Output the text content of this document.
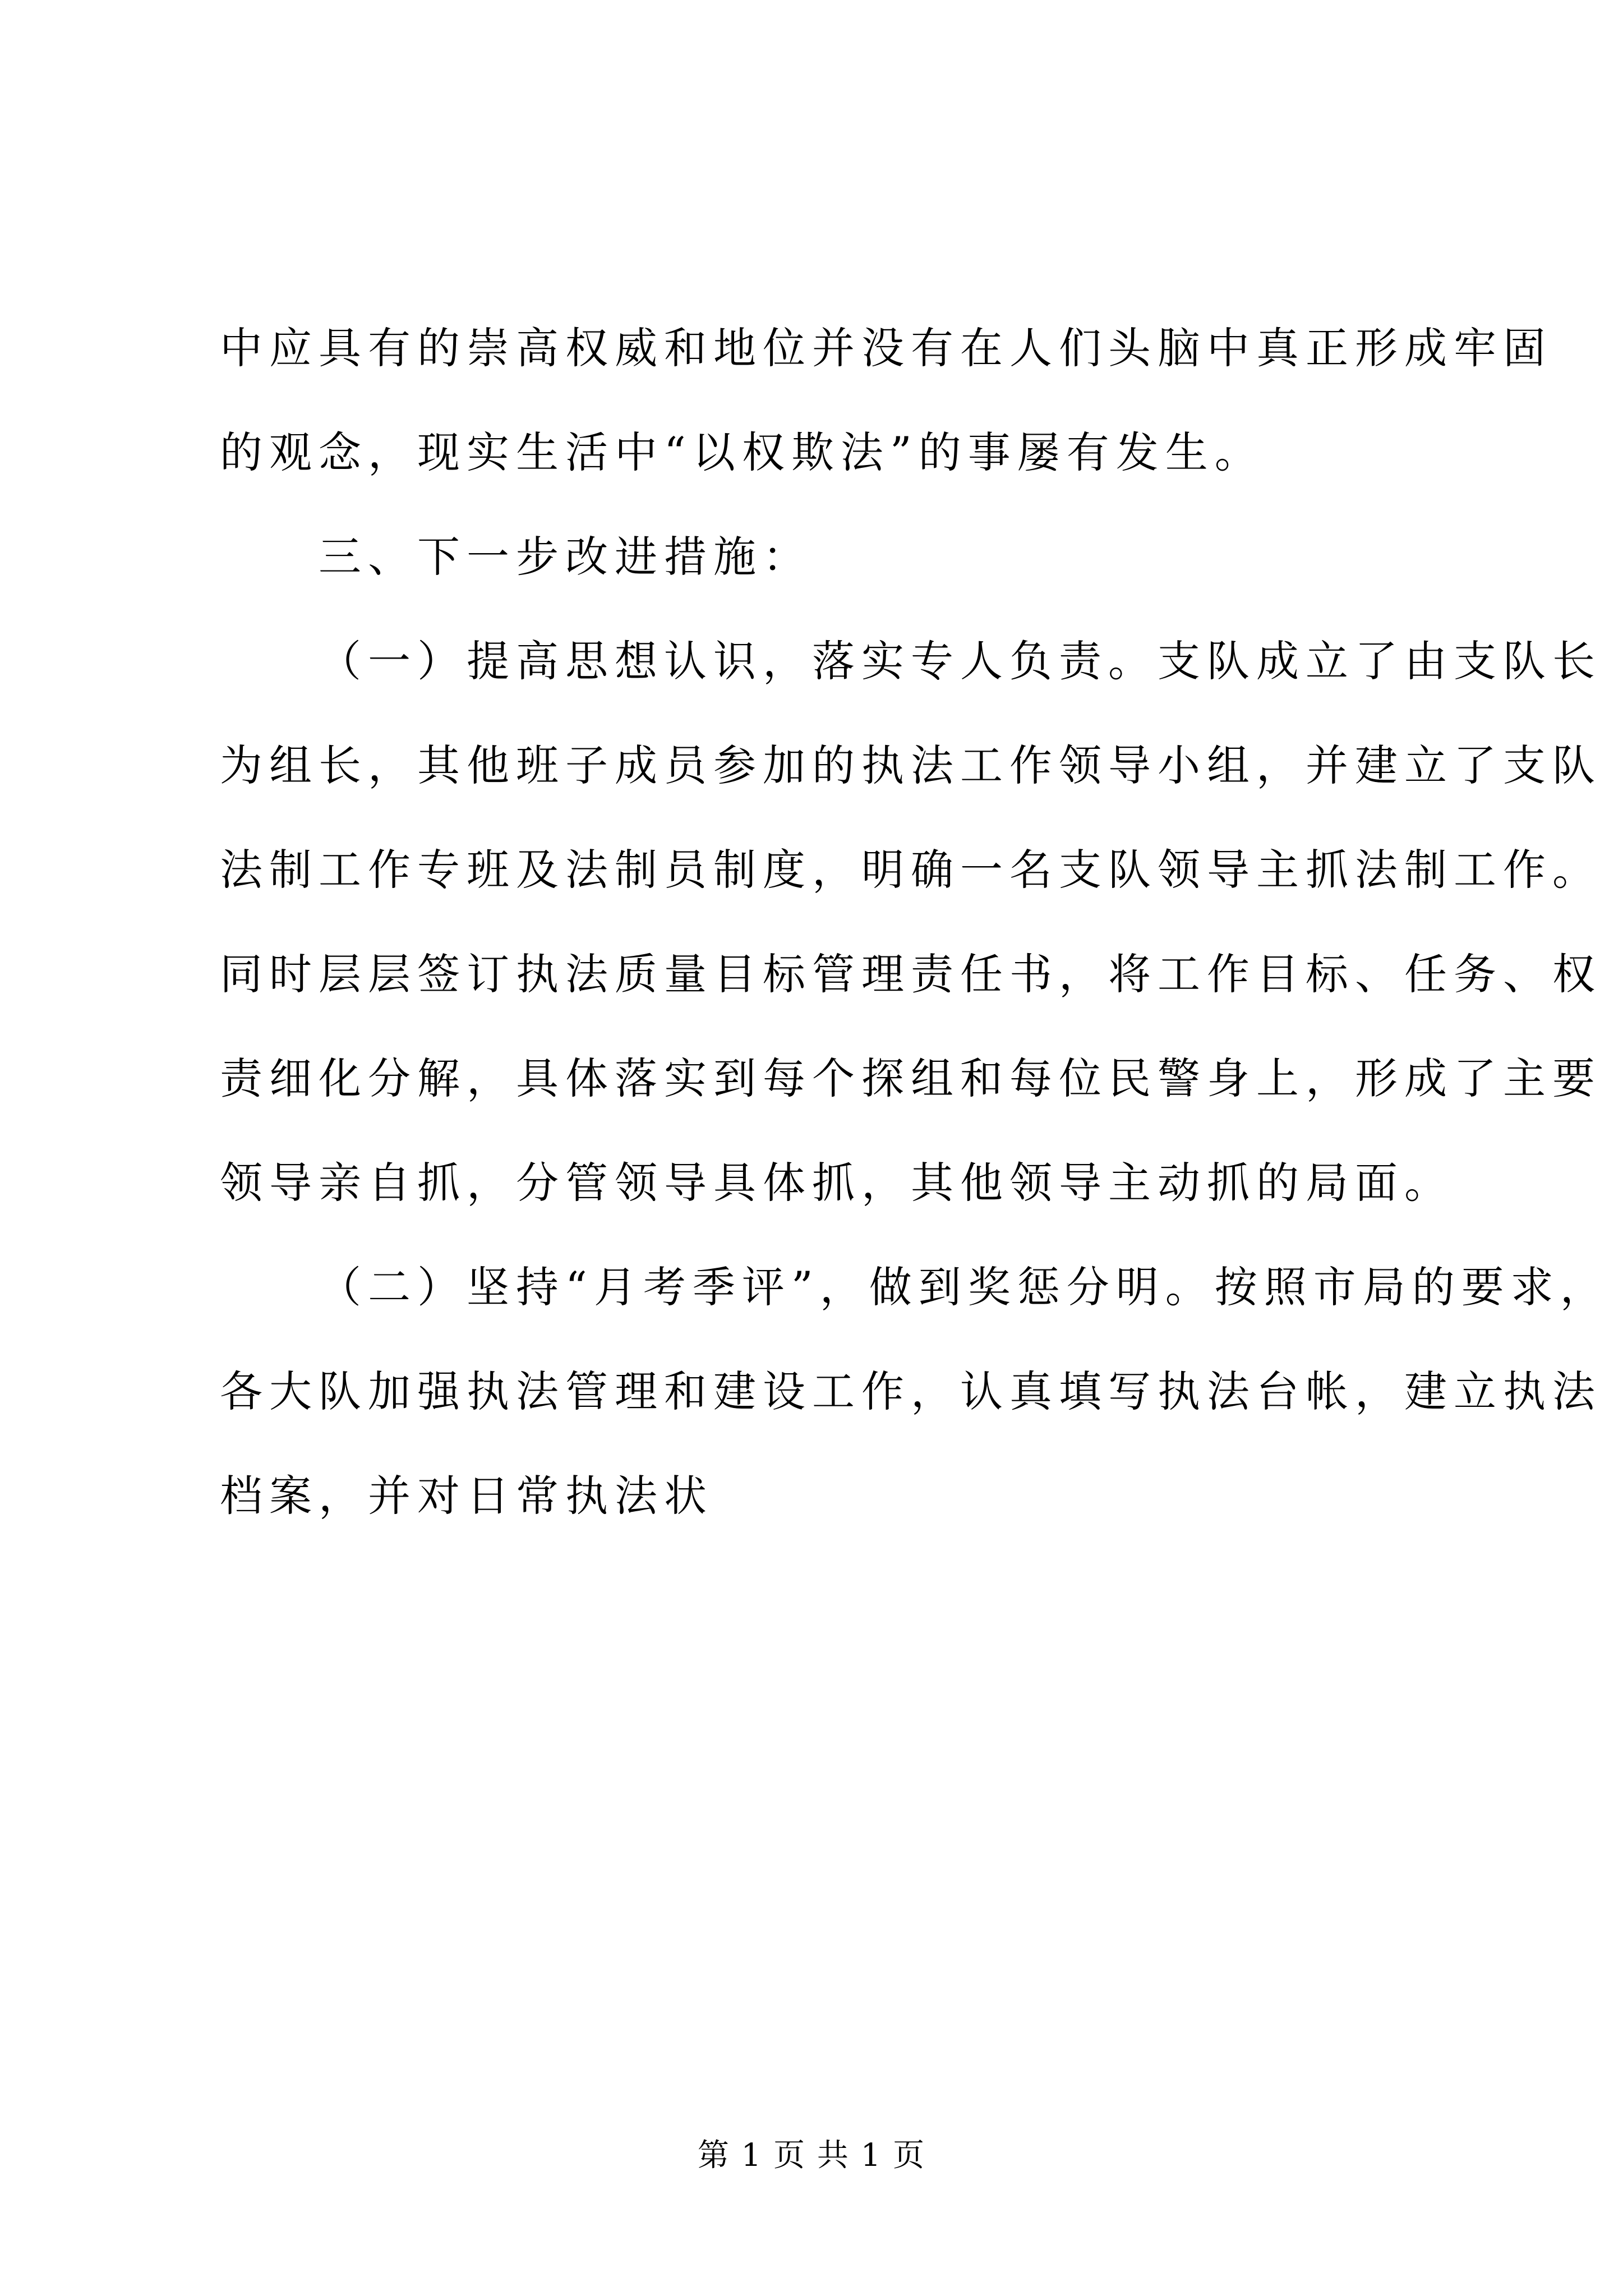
中应具有的崇高权威和地位并没有在人们头脑中真正形成牢固
的观念，现实生活中“以权欺法”的事屡有发生。
三、下一步改进措施：
（一）提高思想认识，落实专人负责。支队成立了由支队长
为组长，其他班子成员参加的执法工作领导小组，并建立了支队
法制工作专班及法制员制度，明确一名支队领导主抓法制工作。
同时层层签订执法质量目标管理责任书，将工作目标、任务、权
责细化分解，具体落实到每个探组和每位民警身上，形成了主要
领导亲自抓，分管领导具体抓，其他领导主动抓的局面。
（二）坚持“月考季评”，做到奖惩分明。按照市局的要求，
各大队加强执法管理和建设工作，认真填写执法台帐，建立执法
档案，并对日常执法状
第 1 页 共 1 页
